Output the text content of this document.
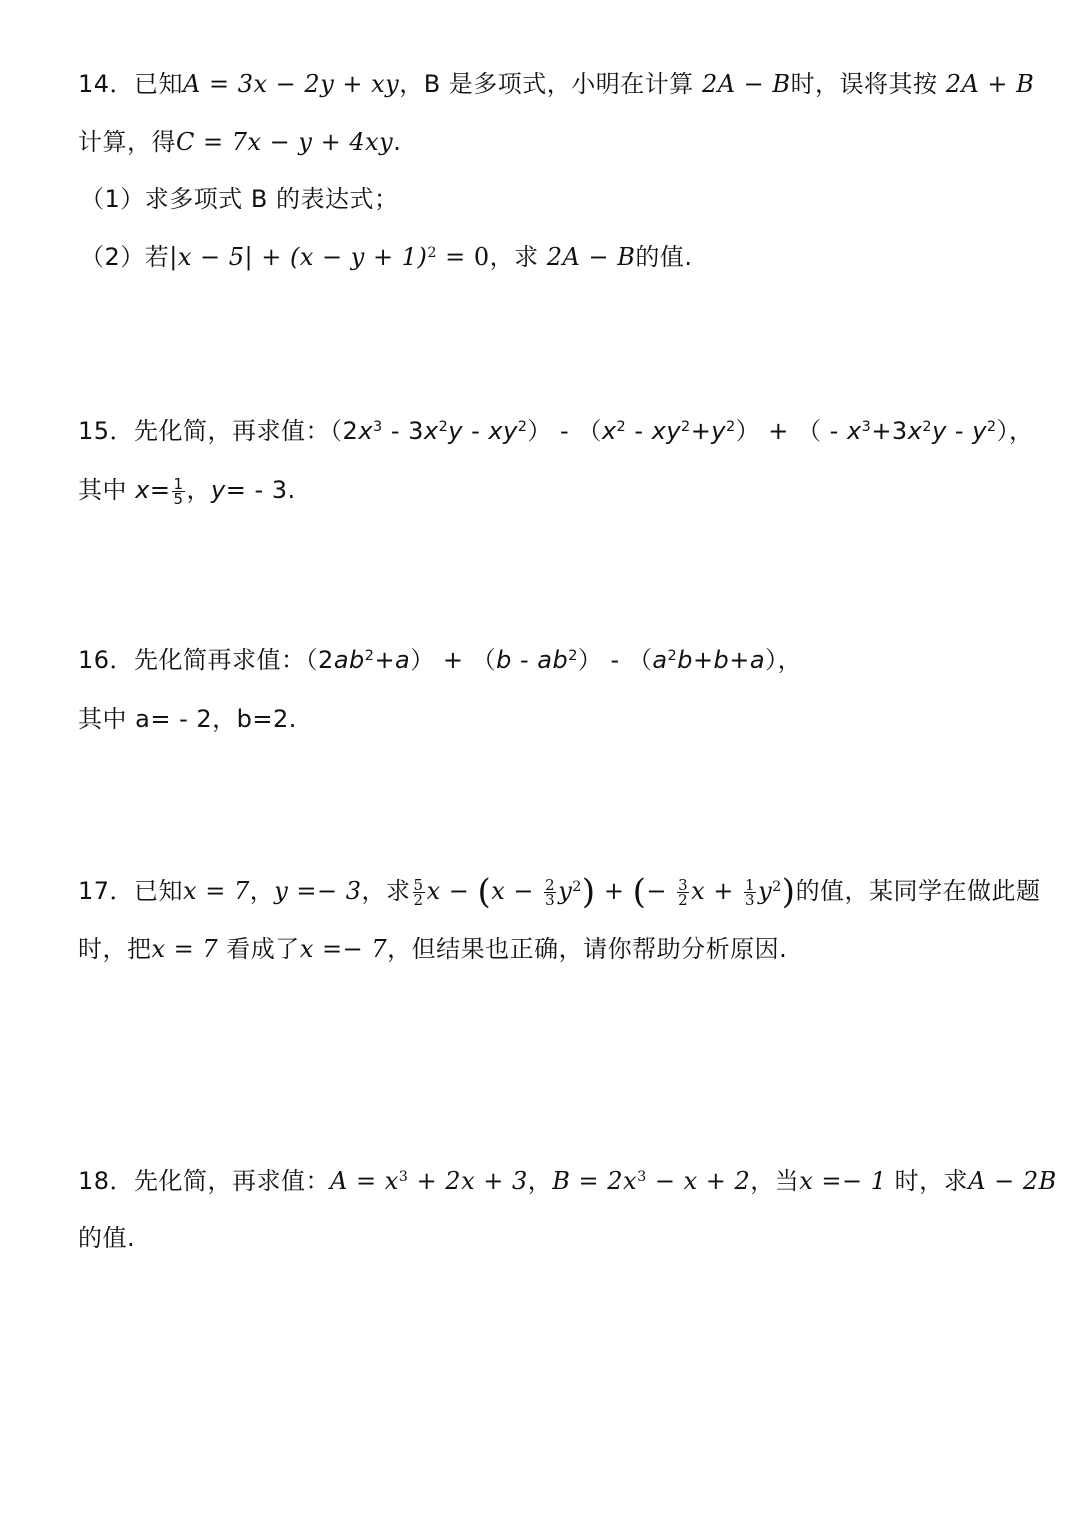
14．已知A = 3x − 2y + xy，B 是多项式，小明在计算 2A − B时，误将其按 2A + B
计算，得C = 7x − y + 4xy.
（1）求多项式 B 的表达式；
（2）若$|x - 5| + (x - y + 1)^2 = 0$，求 2A − B的值.
15．先化简，再求值：$(2x^3 - 3x^2y - xy^2) - (x^2 - xy^2+y^2)$ + （ - $x^3+3x^2y - y^2$），
其中 $x= \frac{1}{5}$ ，y= - 3.
16．先化简再求值：$(2ab^2+a) + (b - ab^2) - (a^2b+b+a)$，
其中 a= - 2，b=2.
17．已知x = 7，y =− 3，求 $\frac{5}{2}$ $x - (x - \frac{2}{3} y^2)$ + (− $\frac{3}{2}$ $x + \frac{1}{3} y^2$)的值，某同学在做此题
时，把x = 7 看成了x =− 7，但结果也正确，请你帮助分析原因.
18．先化简，再求值：$A = x^3 + 2x + 3$，$B = 2x^3 - x + 2$，当x =− 1 时，求A − 2B
的值.
